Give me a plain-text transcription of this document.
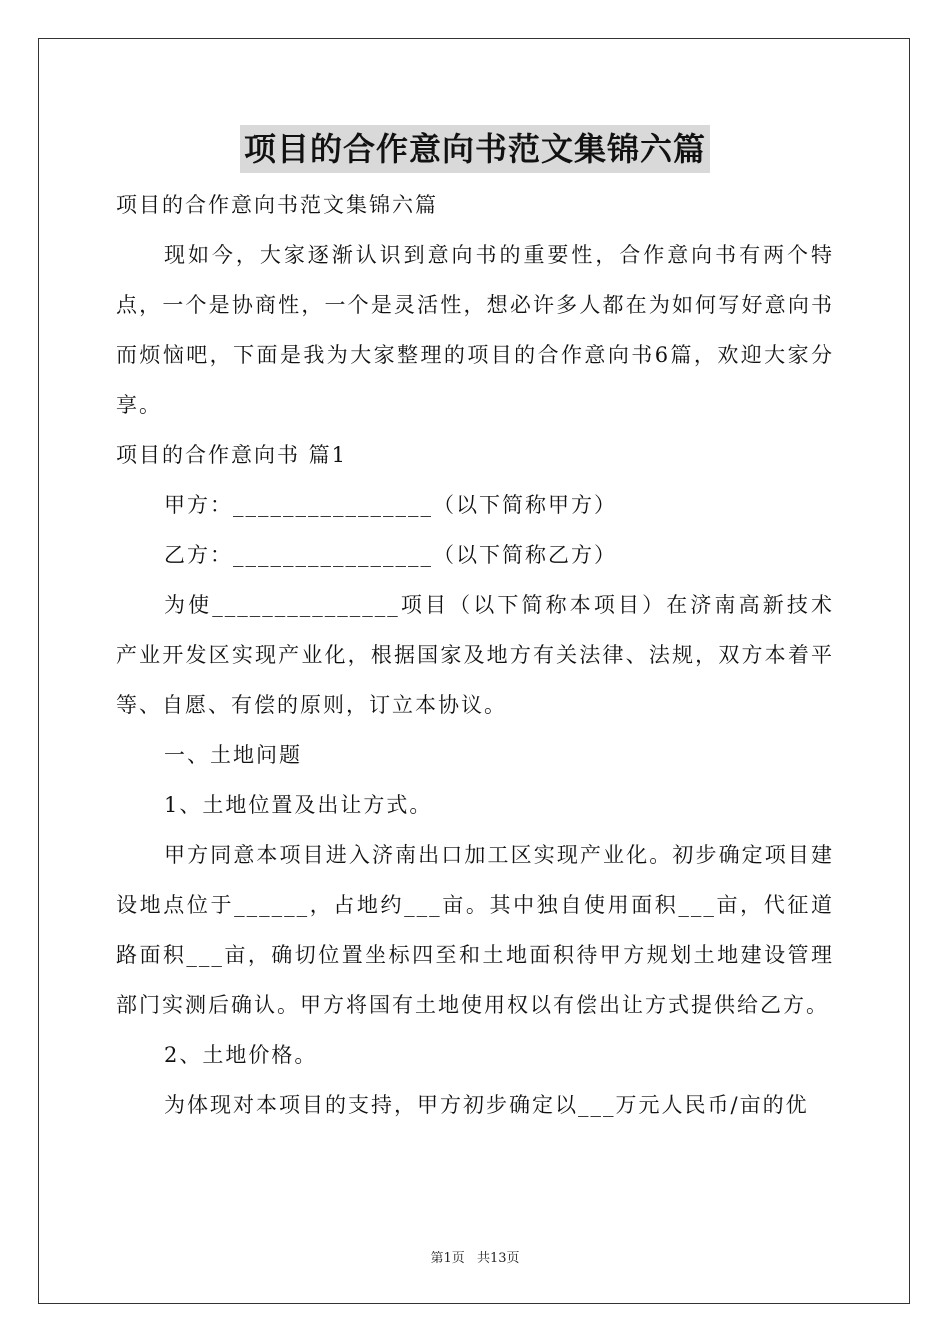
项目的合作意向书范文集锦六篇

项目的合作意向书范文集锦六篇

现如今，大家逐渐认识到意向书的重要性，合作意向书有两个特点，一个是协商性，一个是灵活性，想必许多人都在为如何写好意向书而烦恼吧，下面是我为大家整理的项目的合作意向书6篇，欢迎大家分享。

项目的合作意向书 篇1

甲方：________________（以下简称甲方）

乙方：________________（以下简称乙方）

为使_______________项目（以下简称本项目）在济南高新技术产业开发区实现产业化，根据国家及地方有关法律、法规，双方本着平等、自愿、有偿的原则，订立本协议。

一、土地问题

1、土地位置及出让方式。

甲方同意本项目进入济南出口加工区实现产业化。初步确定项目建设地点位于______，占地约___亩。其中独自使用面积___亩，代征道路面积___亩，确切位置坐标四至和土地面积待甲方规划土地建设管理部门实测后确认。甲方将国有土地使用权以有偿出让方式提供给乙方。

2、土地价格。

为体现对本项目的支持，甲方初步确定以___万元人民币/亩的优

第1页 共13页
